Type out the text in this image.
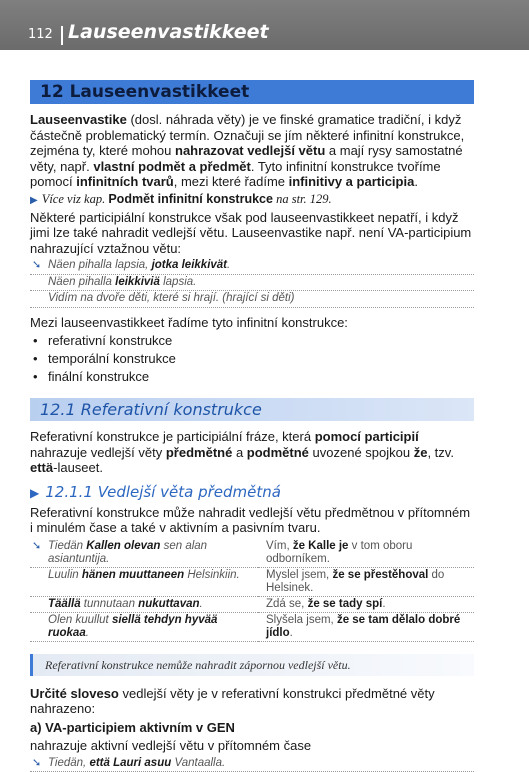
112 Lauseenvastikkeet
12 Lauseenvastikkeet

Lauseenvastike (dosl. náhrada věty) je ve finské gramatice tradiční, i když částečně problematický termín. Označuji se jím některé infinitní konstrukce, zejména ty, které mohou nahrazovat vedlejší větu a mají rysy samostatné věty, např. vlastní podmět a předmět. Tyto infinitní konstrukce tvoříme pomocí infinitních tvarů, mezi které řadíme infinitivy a participia.

▶ Více viz kap. Podmět infinitní konstrukce na str. 129.

Některé participiální konstrukce však pod lauseenvastikkeet nepatří, i když jimi lze také nahradit vedlejší větu. Lauseenvastike např. není VA-participium nahrazující vztažnou větu:

➘ Näen pihalla lapsia, jotka leikkivät.
Näen pihalla leikkiviä lapsia.
Vidím na dvoře děti, které si hrají. (hrající si děti)

Mezi lauseenvastikkeet řadíme tyto infinitní konstrukce:

• referativní konstrukce
• temporální konstrukce
• finální konstrukce
12.1 Referativní konstrukce

Referativní konstrukce je participiální fráze, která pomocí participií nahrazuje vedlejší věty předmětné a podmětné uvozené spojkou že, tzv. että-lauseet.

▶ 12.1.1 Vedlejší věta předmětná

Referativní konstrukce může nahradit vedlejší větu předmětnou v přítomném i minulém čase a také v aktivním a pasivním tvaru.

➘ Tiedän Kallen olevan sen alan asiantuntija.	Vím, že Kalle je v tom oboru odborníkem.
Luulin hänen muuttaneen Helsinkiin.	Myslel jsem, že se přestěhoval do Helsinek.
Täällä tunnutaan nukuttavan.	Zdá se, že se tady spí.
Olen kuullut siellä tehdyn hyvää ruokaa.	Slyšela jsem, že se tam dělalo dobré jídlo.
Referativní konstrukce nemůže nahradit zápornou vedlejší větu.

Určité sloveso vedlejší věty je v referativní konstrukci předmětné věty nahrazeno:

a) VA-participiem aktivním v GEN

nahrazuje aktivní vedlejší větu v přítomném čase

➘ Tiedän, että Lauri asuu Vantaalla.
